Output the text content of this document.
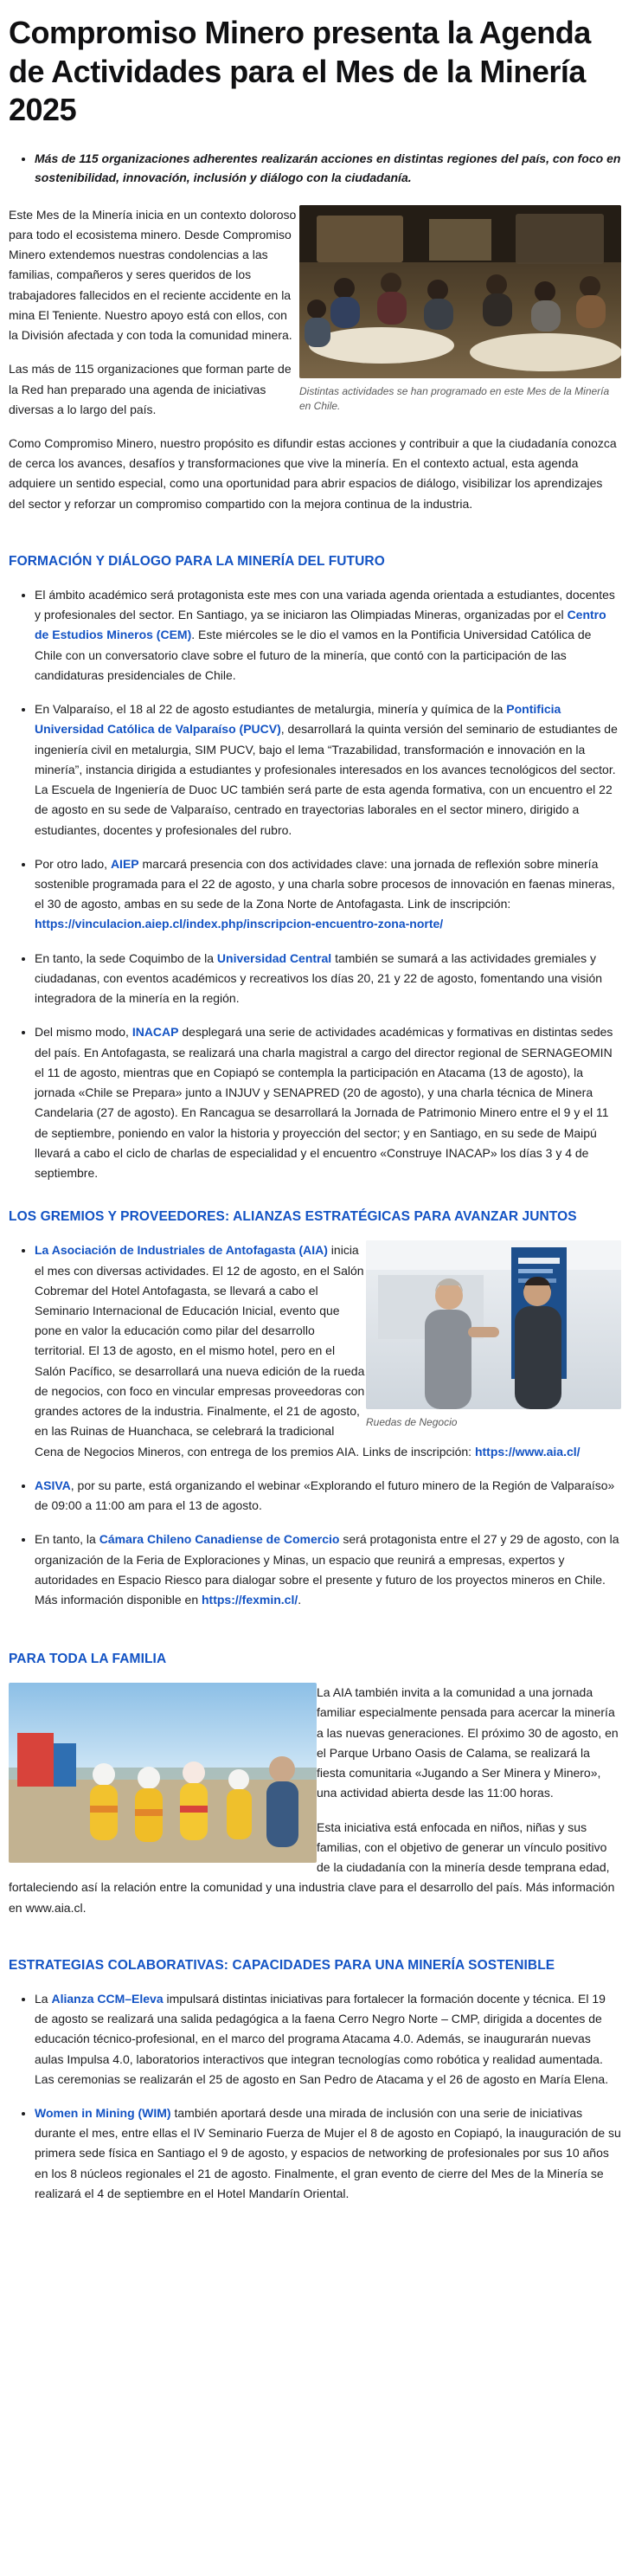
Compromiso Minero presenta la Agenda de Actividades para el Mes de la Minería 2025
• Más de 115 organizaciones adherentes realizarán acciones en distintas regiones del país, con foco en sostenibilidad, innovación, inclusión y diálogo con la ciudadanía.
Distintas actividades se han programado en este Mes de la Minería en Chile.

Este Mes de la Minería inicia en un contexto doloroso para todo el ecosistema minero. Desde Compromiso Minero extendemos nuestras condolencias a las familias, compañeros y seres queridos de los trabajadores fallecidos en el reciente accidente en la mina El Teniente. Nuestro apoyo está con ellos, con la División afectada y con toda la comunidad minera.

Las más de 115 organizaciones que forman parte de la Red han preparado una agenda de iniciativas diversas a lo largo del país.

Como Compromiso Minero, nuestro propósito es difundir estas acciones y contribuir a que la ciudadanía conozca de cerca los avances, desafíos y transformaciones que vive la minería. En el contexto actual, esta agenda adquiere un sentido especial, como una oportunidad para abrir espacios de diálogo, visibilizar los aprendizajes del sector y reforzar un compromiso compartido con la mejora continua de la industria.

FORMACIÓN Y DIÁLOGO PARA LA MINERÍA DEL FUTURO
• El ámbito académico será protagonista este mes con una variada agenda orientada a estudiantes, docentes y profesionales del sector. En Santiago, ya se iniciaron las Olimpiadas Mineras, organizadas por el Centro de Estudios Mineros (CEM). Este miércoles se le dio el vamos en la Pontificia Universidad Católica de Chile con un conversatorio clave sobre el futuro de la minería, que contó con la participación de las candidaturas presidenciales de Chile.
• En Valparaíso, el 18 al 22 de agosto estudiantes de metalurgia, minería y química de la Pontificia Universidad Católica de Valparaíso (PUCV), desarrollará la quinta versión del seminario de estudiantes de ingeniería civil en metalurgia, SIM PUCV, bajo el lema “Trazabilidad, transformación e innovación en la minería”, instancia dirigida a estudiantes y profesionales interesados en los avances tecnológicos del sector. La Escuela de Ingeniería de Duoc UC también será parte de esta agenda formativa, con un encuentro el 22 de agosto en su sede de Valparaíso, centrado en trayectorias laborales en el sector minero, dirigido a estudiantes, docentes y profesionales del rubro.
• Por otro lado, AIEP marcará presencia con dos actividades clave: una jornada de reflexión sobre minería sostenible programada para el 22 de agosto, y una charla sobre procesos de innovación en faenas mineras, el 30 de agosto, ambas en su sede de la Zona Norte de Antofagasta. Link de inscripción: https://vinculacion.aiep.cl/index.php/inscripcion-encuentro-zona-norte/
• En tanto, la sede Coquimbo de la Universidad Central también se sumará a las actividades gremiales y ciudadanas, con eventos académicos y recreativos los días 20, 21 y 22 de agosto, fomentando una visión integradora de la minería en la región.
• Del mismo modo, INACAP desplegará una serie de actividades académicas y formativas en distintas sedes del país. En Antofagasta, se realizará una charla magistral a cargo del director regional de SERNAGEOMIN el 11 de agosto, mientras que en Copiapó se contempla la participación en Atacama (13 de agosto), la jornada «Chile se Prepara» junto a INJUV y SENAPRED (20 de agosto), y una charla técnica de Minera Candelaria (27 de agosto). En Rancagua se desarrollará la Jornada de Patrimonio Minero entre el 9 y el 11 de septiembre, poniendo en valor la historia y proyección del sector; y en Santiago, en su sede de Maipú llevará a cabo el ciclo de charlas de especialidad y el encuentro «Construye INACAP» los días 3 y 4 de septiembre.
LOS GREMIOS Y PROVEEDORES: ALIANZAS ESTRATÉGICAS PARA AVANZAR JUNTOS
Ruedas de Negocio
• La Asociación de Industriales de Antofagasta (AIA) inicia el mes con diversas actividades. El 12 de agosto, en el Salón Cobremar del Hotel Antofagasta, se llevará a cabo el Seminario Internacional de Educación Inicial, evento que pone en valor la educación como pilar del desarrollo territorial. El 13 de agosto, en el mismo hotel, pero en el Salón Pacífico, se desarrollará una nueva edición de la rueda de negocios, con foco en vincular empresas proveedoras con grandes actores de la industria. Finalmente, el 21 de agosto, en las Ruinas de Huanchaca, se celebrará la tradicional Cena de Negocios Mineros, con entrega de los premios AIA. Links de inscripción: https://www.aia.cl/
• ASIVA, por su parte, está organizando el webinar «Explorando el futuro minero de la Región de Valparaíso» de 09:00 a 11:00 am para el 13 de agosto.
• En tanto, la Cámara Chileno Canadiense de Comercio será protagonista entre el 27 y 29 de agosto, con la organización de la Feria de Exploraciones y Minas, un espacio que reunirá a empresas, expertos y autoridades en Espacio Riesco para dialogar sobre el presente y futuro de los proyectos mineros en Chile. Más información disponible en https://fexmin.cl/.
PARA TODA LA FAMILIA

La AIA también invita a la comunidad a una jornada familiar especialmente pensada para acercar la minería a las nuevas generaciones. El próximo 30 de agosto, en el Parque Urbano Oasis de Calama, se realizará la fiesta comunitaria «Jugando a Ser Minera y Minero», una actividad abierta desde las 11:00 horas.

Esta iniciativa está enfocada en niños, niñas y sus familias, con el objetivo de generar un vínculo positivo de la ciudadanía con la minería desde temprana edad, fortaleciendo así la relación entre la comunidad y una industria clave para el desarrollo del país. Más información en www.aia.cl.

ESTRATEGIAS COLABORATIVAS: CAPACIDADES PARA UNA MINERÍA SOSTENIBLE
• La Alianza CCM–Eleva impulsará distintas iniciativas para fortalecer la formación docente y técnica. El 19 de agosto se realizará una salida pedagógica a la faena Cerro Negro Norte – CMP, dirigida a docentes de educación técnico-profesional, en el marco del programa Atacama 4.0. Además, se inaugurarán nuevas aulas Impulsa 4.0, laboratorios interactivos que integran tecnologías como robótica y realidad aumentada. Las ceremonias se realizarán el 25 de agosto en San Pedro de Atacama y el 26 de agosto en María Elena.
• Women in Mining (WIM) también aportará desde una mirada de inclusión con una serie de iniciativas durante el mes, entre ellas el IV Seminario Fuerza de Mujer el 8 de agosto en Copiapó, la inauguración de su primera sede física en Santiago el 9 de agosto, y espacios de networking de profesionales por sus 10 años en los 8 núcleos regionales el 21 de agosto. Finalmente, el gran evento de cierre del Mes de la Minería se realizará el 4 de septiembre en el Hotel Mandarín Oriental.
